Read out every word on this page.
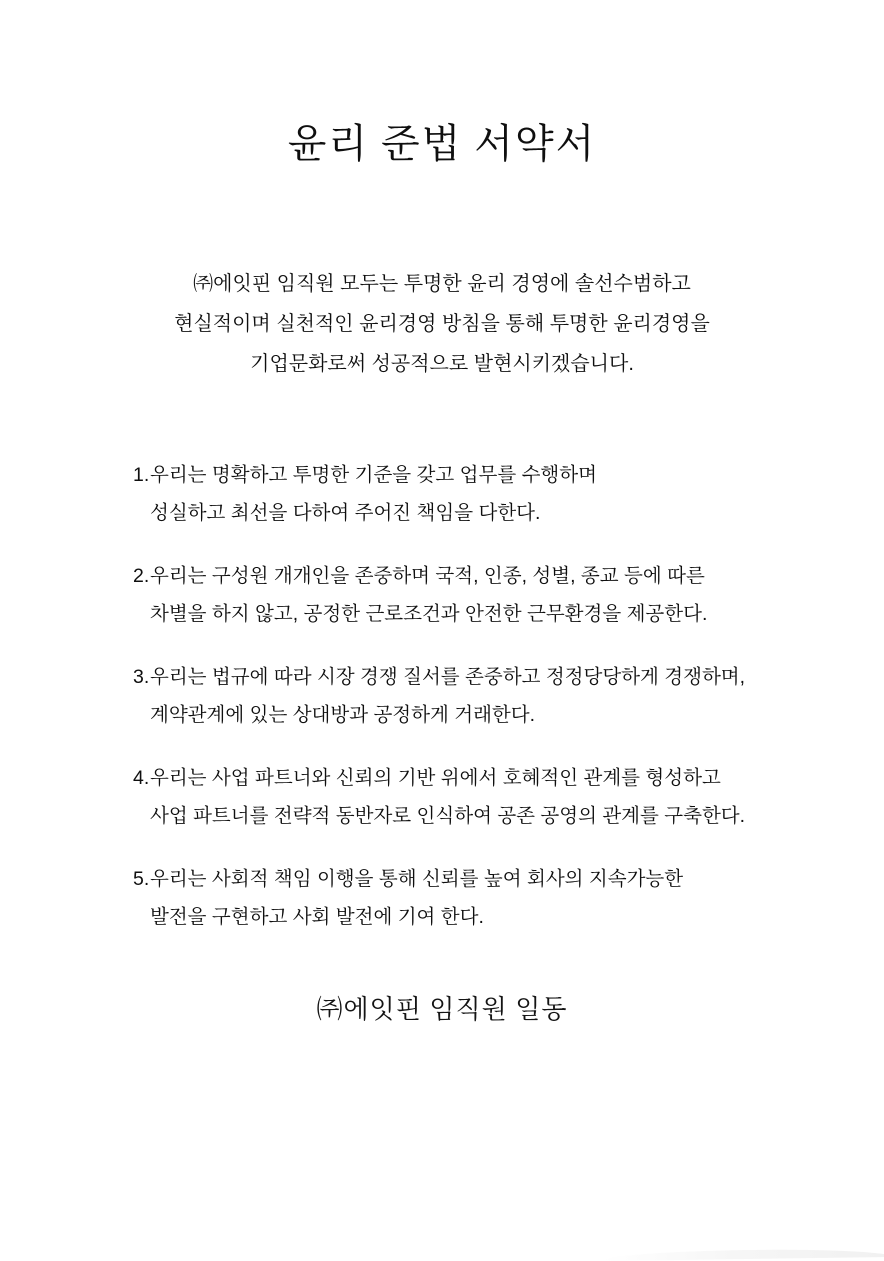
윤리 준법 서약서
㈜에잇핀 임직원 모두는 투명한 윤리 경영에 솔선수범하고
현실적이며 실천적인 윤리경영 방침을 통해 투명한 윤리경영을
기업문화로써 성공적으로 발현시키겠습니다.
1. 우리는 명확하고 투명한 기준을 갖고 업무를 수행하며
성실하고 최선을 다하여 주어진 책임을 다한다.
2. 우리는 구성원 개개인을 존중하며 국적, 인종, 성별, 종교 등에 따른
차별을 하지 않고, 공정한 근로조건과 안전한 근무환경을 제공한다.
3. 우리는 법규에 따라 시장 경쟁 질서를 존중하고 정정당당하게 경쟁하며,
계약관계에 있는 상대방과 공정하게 거래한다.
4. 우리는 사업 파트너와 신뢰의 기반 위에서 호혜적인 관계를 형성하고
사업 파트너를 전략적 동반자로 인식하여 공존 공영의 관계를 구축한다.
5. 우리는 사회적 책임 이행을 통해 신뢰를 높여 회사의 지속가능한
발전을 구현하고 사회 발전에 기여 한다.
㈜에잇핀 임직원 일동
